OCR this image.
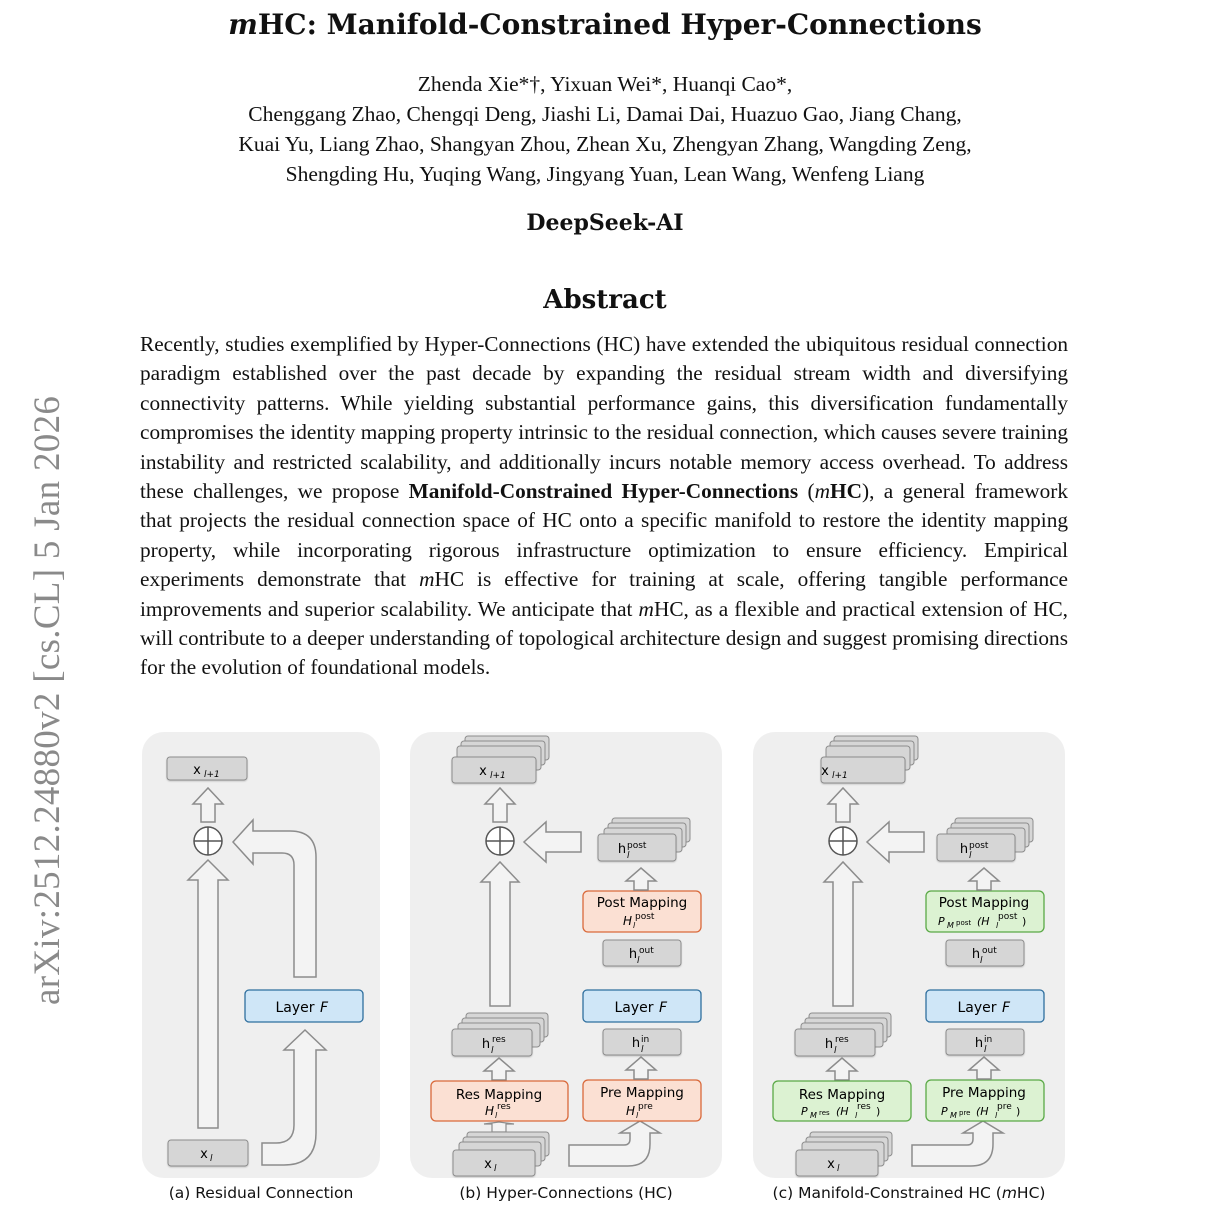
arXiv:2512.24880v2 [cs.CL] 5 Jan 2026
mHC: Manifold-Constrained Hyper-Connections
Zhenda Xie*†, Yixuan Wei*, Huanqi Cao*,
Chenggang Zhao, Chengqi Deng, Jiashi Li, Damai Dai, Huazuo Gao, Jiang Chang,
Kuai Yu, Liang Zhao, Shangyan Zhou, Zhean Xu, Zhengyan Zhang, Wangding Zeng,
Shengding Hu, Yuqing Wang, Jingyang Yuan, Lean Wang, Wenfeng Liang
DeepSeek-AI
Abstract
Recently, studies exemplified by Hyper-Connections (HC) have extended the ubiquitous residual connection paradigm established over the past decade by expanding the residual stream width and diversifying connectivity patterns. While yielding substantial performance gains, this diversification fundamentally compromises the identity mapping property intrinsic to the residual connection, which causes severe training instability and restricted scalability, and additionally incurs notable memory access overhead. To address these challenges, we propose Manifold-Constrained Hyper-Connections (mHC), a general framework that projects the residual connection space of HC onto a specific manifold to restore the identity mapping property, while incorporating rigorous infrastructure optimization to ensure efficiency. Empirical experiments demonstrate that mHC is effective for training at scale, offering tangible performance improvements and superior scalability. We anticipate that mHC, as a flexible and practical extension of HC, will contribute to a deeper understanding of topological architecture design and suggest promising directions for the evolution of foundational models.
x l+1
x l
Layer F
x l+1
h res
l
Res Mapping
H res
l
x l
Pre Mapping
H pre
l
h in
l
Layer F
h out
l
Post Mapping
H post
l
h post
l
x l+1
h res
l
Res Mapping
P M res (H res
l )
x l
Pre Mapping
P M pre (H pre
l )
h in
l
Layer F
h out
l
Post Mapping
P M post (H post
l )
h post
l
(a) Residual Connection	(b) Hyper-Connections (HC)	(c) Manifold-Constrained HC (mHC)
